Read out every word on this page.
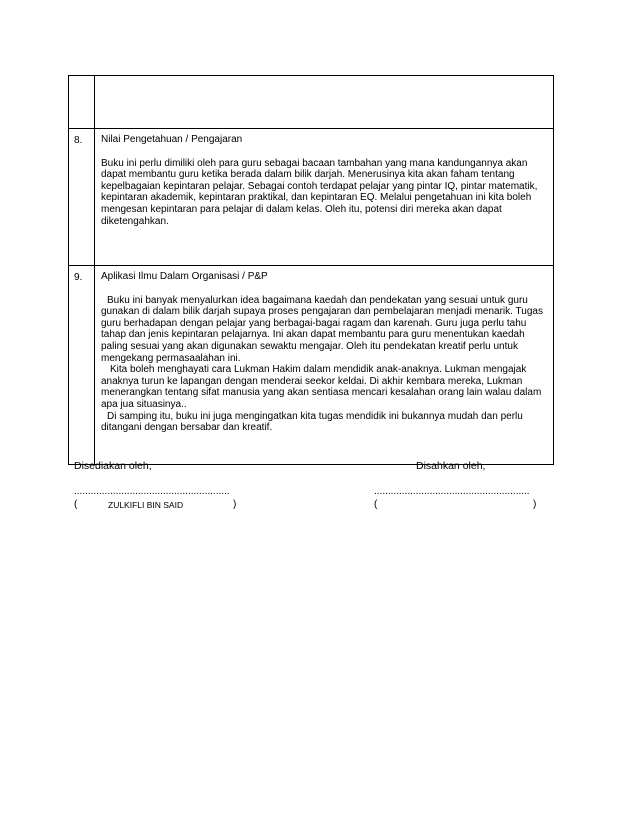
8.	Nilai Pengetahuan / Pengajaran

Buku ini perlu dimiliki oleh para guru sebagai bacaan tambahan yang mana kandungannya akan dapat membantu guru ketika berada dalam bilik darjah. Menerusinya kita akan faham tentang kepelbagaian kepintaran pelajar. Sebagai contoh terdapat pelajar yang pintar IQ, pintar matematik, kepintaran akademik, kepintaran praktikal, dan kepintaran EQ. Melalui pengetahuan ini kita boleh mengesan kepintaran para pelajar di dalam kelas. Oleh itu, potensi diri mereka akan dapat diketengahkan.

9.	Aplikasi Ilmu Dalam Organisasi / P&P

Buku ini banyak menyalurkan idea bagaimana kaedah dan pendekatan yang sesuai untuk guru gunakan di dalam bilik darjah supaya proses pengajaran dan pembelajaran menjadi menarik. Tugas guru berhadapan dengan pelajar yang berbagai-bagai ragam dan karenah. Guru juga perlu tahu tahap dan jenis kepintaran pelajarnya. Ini akan dapat membantu para guru menentukan kaedah paling sesuai yang akan digunakan sewaktu mengajar. Oleh itu pendekatan kreatif perlu untuk mengekang permasaalahan ini.

Kita boleh menghayati cara Lukman Hakim dalam mendidik anak-anaknya. Lukman mengajak anaknya turun ke lapangan dengan menderai seekor keldai. Di akhir kembara mereka, Lukman menerangkan tentang sifat manusia yang akan sentiasa mencari kesalahan orang lain walau dalam apa jua situasinya..

Di samping itu, buku ini juga mengingatkan kita tugas mendidik ini bukannya mudah dan perlu ditangani dengan bersabar dan kreatif.

Disediakan oleh,	Disahkan oleh,
........................................................	........................................................
(	ZULKIFLI BIN SAID	)	(	)
